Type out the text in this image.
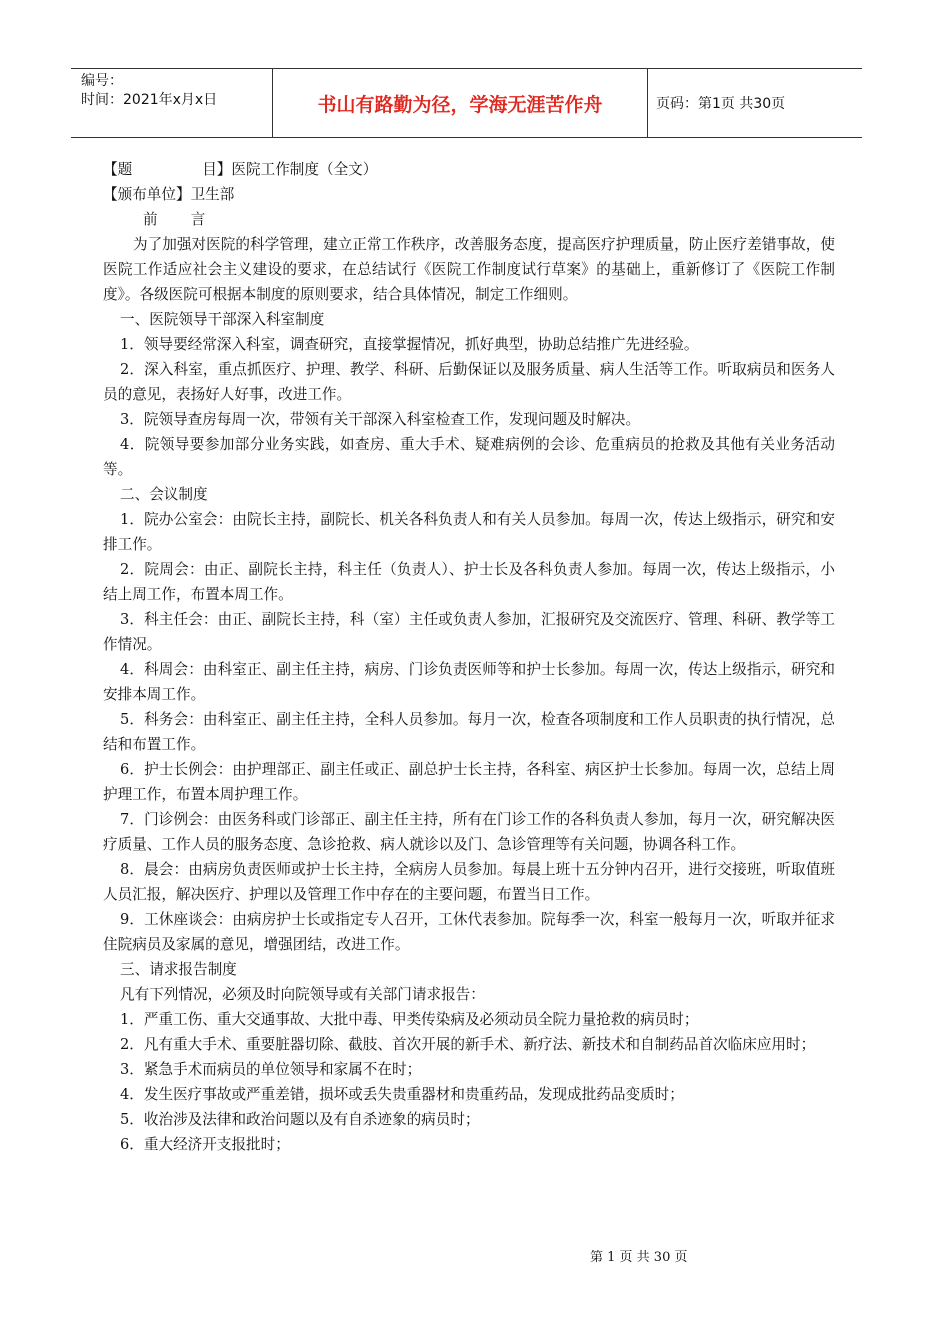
编号：
时间：2021年x月x日	书山有路勤为径，学海无涯苦作舟	页码：第1页 共30页
【题	目】医院工作制度（全文）
【颁布单位】卫生部
前 言
为了加强对医院的科学管理，建立正常工作秩序，改善服务态度，提高医疗护理质量，防止医疗差错事故，使医院工作适应社会主义建设的要求，在总结试行《医院工作制度试行草案》的基础上，重新修订了《医院工作制度》。各级医院可根据本制度的原则要求，结合具体情况，制定工作细则。
一、医院领导干部深入科室制度
1．领导要经常深入科室，调查研究，直接掌握情况，抓好典型，协助总结推广先进经验。
2．深入科室，重点抓医疗、护理、教学、科研、后勤保证以及服务质量、病人生活等工作。听取病员和医务人员的意见，表扬好人好事，改进工作。
3．院领导查房每周一次，带领有关干部深入科室检查工作，发现问题及时解决。
4．院领导要参加部分业务实践，如查房、重大手术、疑难病例的会诊、危重病员的抢救及其他有关业务活动等。
二、会议制度
1．院办公室会：由院长主持，副院长、机关各科负责人和有关人员参加。每周一次，传达上级指示，研究和安排工作。
2．院周会：由正、副院长主持，科主任（负责人）、护士长及各科负责人参加。每周一次，传达上级指示，小结上周工作，布置本周工作。
3．科主任会：由正、副院长主持，科（室）主任或负责人参加，汇报研究及交流医疗、管理、科研、教学等工作情况。
4．科周会：由科室正、副主任主持，病房、门诊负责医师等和护士长参加。每周一次，传达上级指示，研究和安排本周工作。
5．科务会：由科室正、副主任主持，全科人员参加。每月一次，检查各项制度和工作人员职责的执行情况，总结和布置工作。
6．护士长例会：由护理部正、副主任或正、副总护士长主持，各科室、病区护士长参加。每周一次，总结上周护理工作，布置本周护理工作。
7．门诊例会：由医务科或门诊部正、副主任主持，所有在门诊工作的各科负责人参加，每月一次，研究解决医疗质量、工作人员的服务态度、急诊抢救、病人就诊以及门、急诊管理等有关问题，协调各科工作。
8．晨会：由病房负责医师或护士长主持，全病房人员参加。每晨上班十五分钟内召开，进行交接班，听取值班人员汇报，解决医疗、护理以及管理工作中存在的主要问题，布置当日工作。
9．工休座谈会：由病房护士长或指定专人召开，工休代表参加。院每季一次，科室一般每月一次，听取并征求住院病员及家属的意见，增强团结，改进工作。
三、请求报告制度
凡有下列情况，必须及时向院领导或有关部门请求报告：
1．严重工伤、重大交通事故、大批中毒、甲类传染病及必须动员全院力量抢救的病员时；
2．凡有重大手术、重要脏器切除、截肢、首次开展的新手术、新疗法、新技术和自制药品首次临床应用时；
3．紧急手术而病员的单位领导和家属不在时；
4．发生医疗事故或严重差错，损坏或丢失贵重器材和贵重药品，发现成批药品变质时；
5．收治涉及法律和政治问题以及有自杀迹象的病员时；
6．重大经济开支报批时；
第 1 页 共 30 页
